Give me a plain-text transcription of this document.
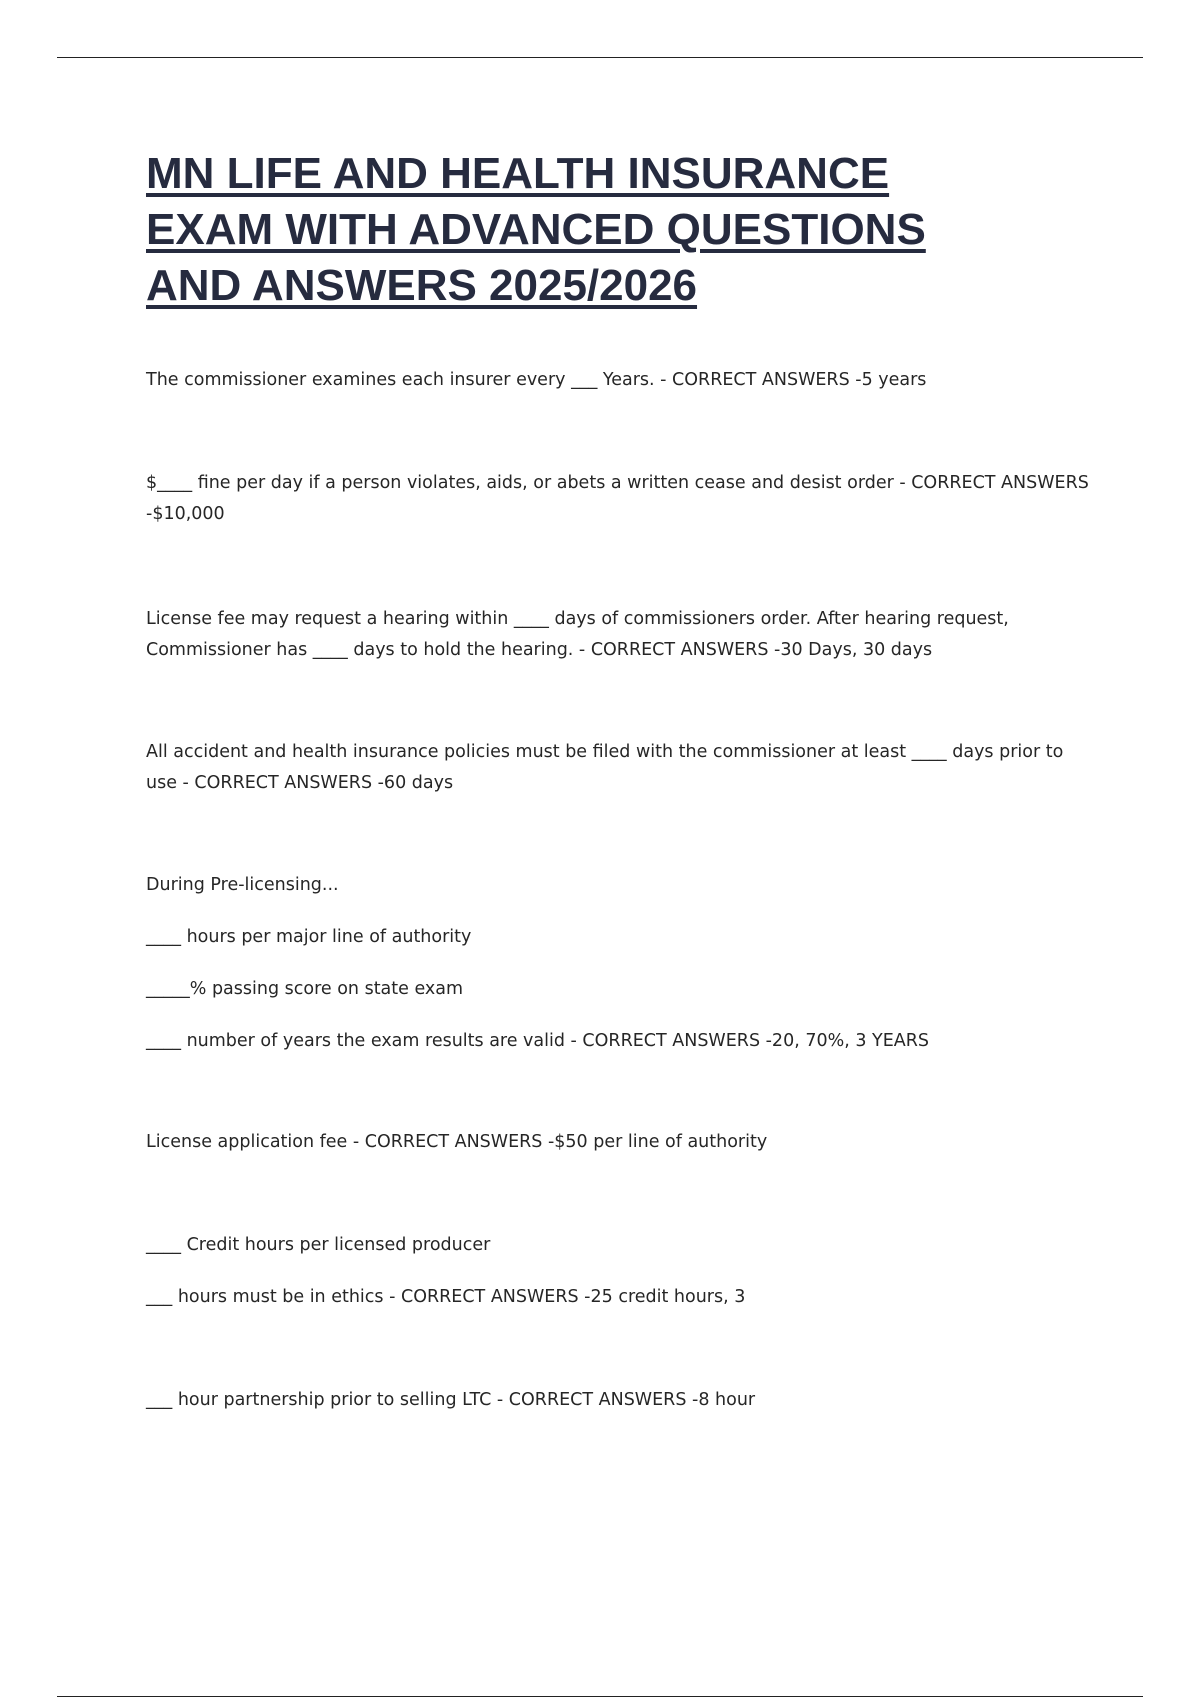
MN LIFE AND HEALTH INSURANCE
EXAM WITH ADVANCED QUESTIONS
AND ANSWERS 2025/2026

The commissioner examines each insurer every ___ Years. - CORRECT ANSWERS -5 years

$____ fine per day if a person violates, aids, or abets a written cease and desist order - CORRECT ANSWERS -$10,000

License fee may request a hearing within ____ days of commissioners order. After hearing request, Commissioner has ____ days to hold the hearing. - CORRECT ANSWERS -30 Days, 30 days

All accident and health insurance policies must be filed with the commissioner at least ____ days prior to use - CORRECT ANSWERS -60 days

During Pre-licensing...

____ hours per major line of authority

_____% passing score on state exam

____ number of years the exam results are valid - CORRECT ANSWERS -20, 70%, 3 YEARS

License application fee - CORRECT ANSWERS -$50 per line of authority

____ Credit hours per licensed producer

___ hours must be in ethics - CORRECT ANSWERS -25 credit hours, 3

___ hour partnership prior to selling LTC - CORRECT ANSWERS -8 hour
